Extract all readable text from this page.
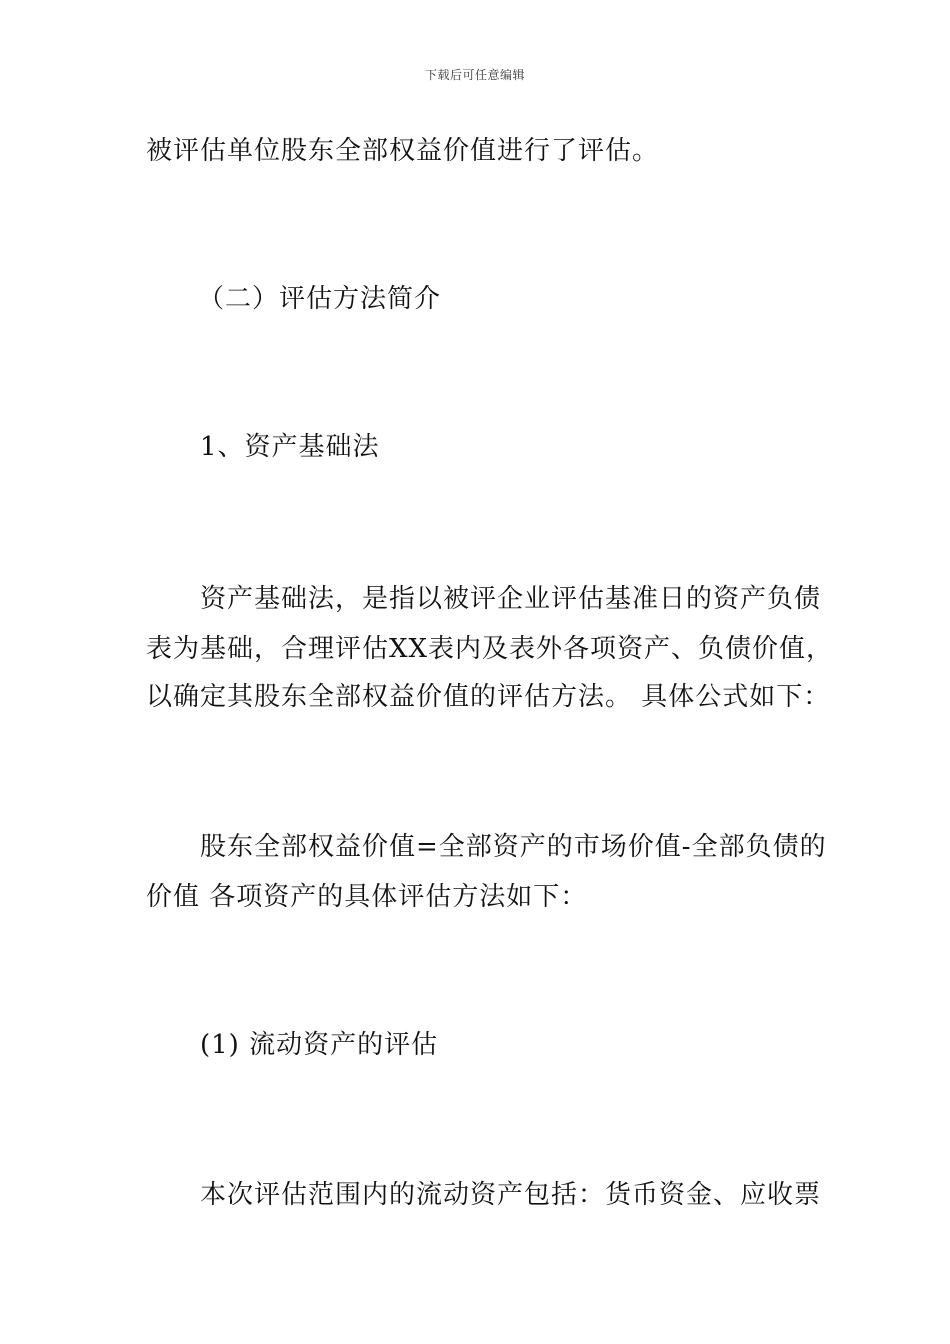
下载后可任意编辑
被评估单位股东全部权益价值进行了评估。
（二）评估方法简介
1、资产基础法
资产基础法，是指以被评企业评估基准日的资产负债
表为基础，合理评估XX表内及表外各项资产、负债价值，
以确定其股东全部权益价值的评估方法。 具体公式如下：
股东全部权益价值=全部资产的市场价值-全部负债的
价值 各项资产的具体评估方法如下：
(1) 流动资产的评估
本次评估范围内的流动资产包括：货币资金、应收票
